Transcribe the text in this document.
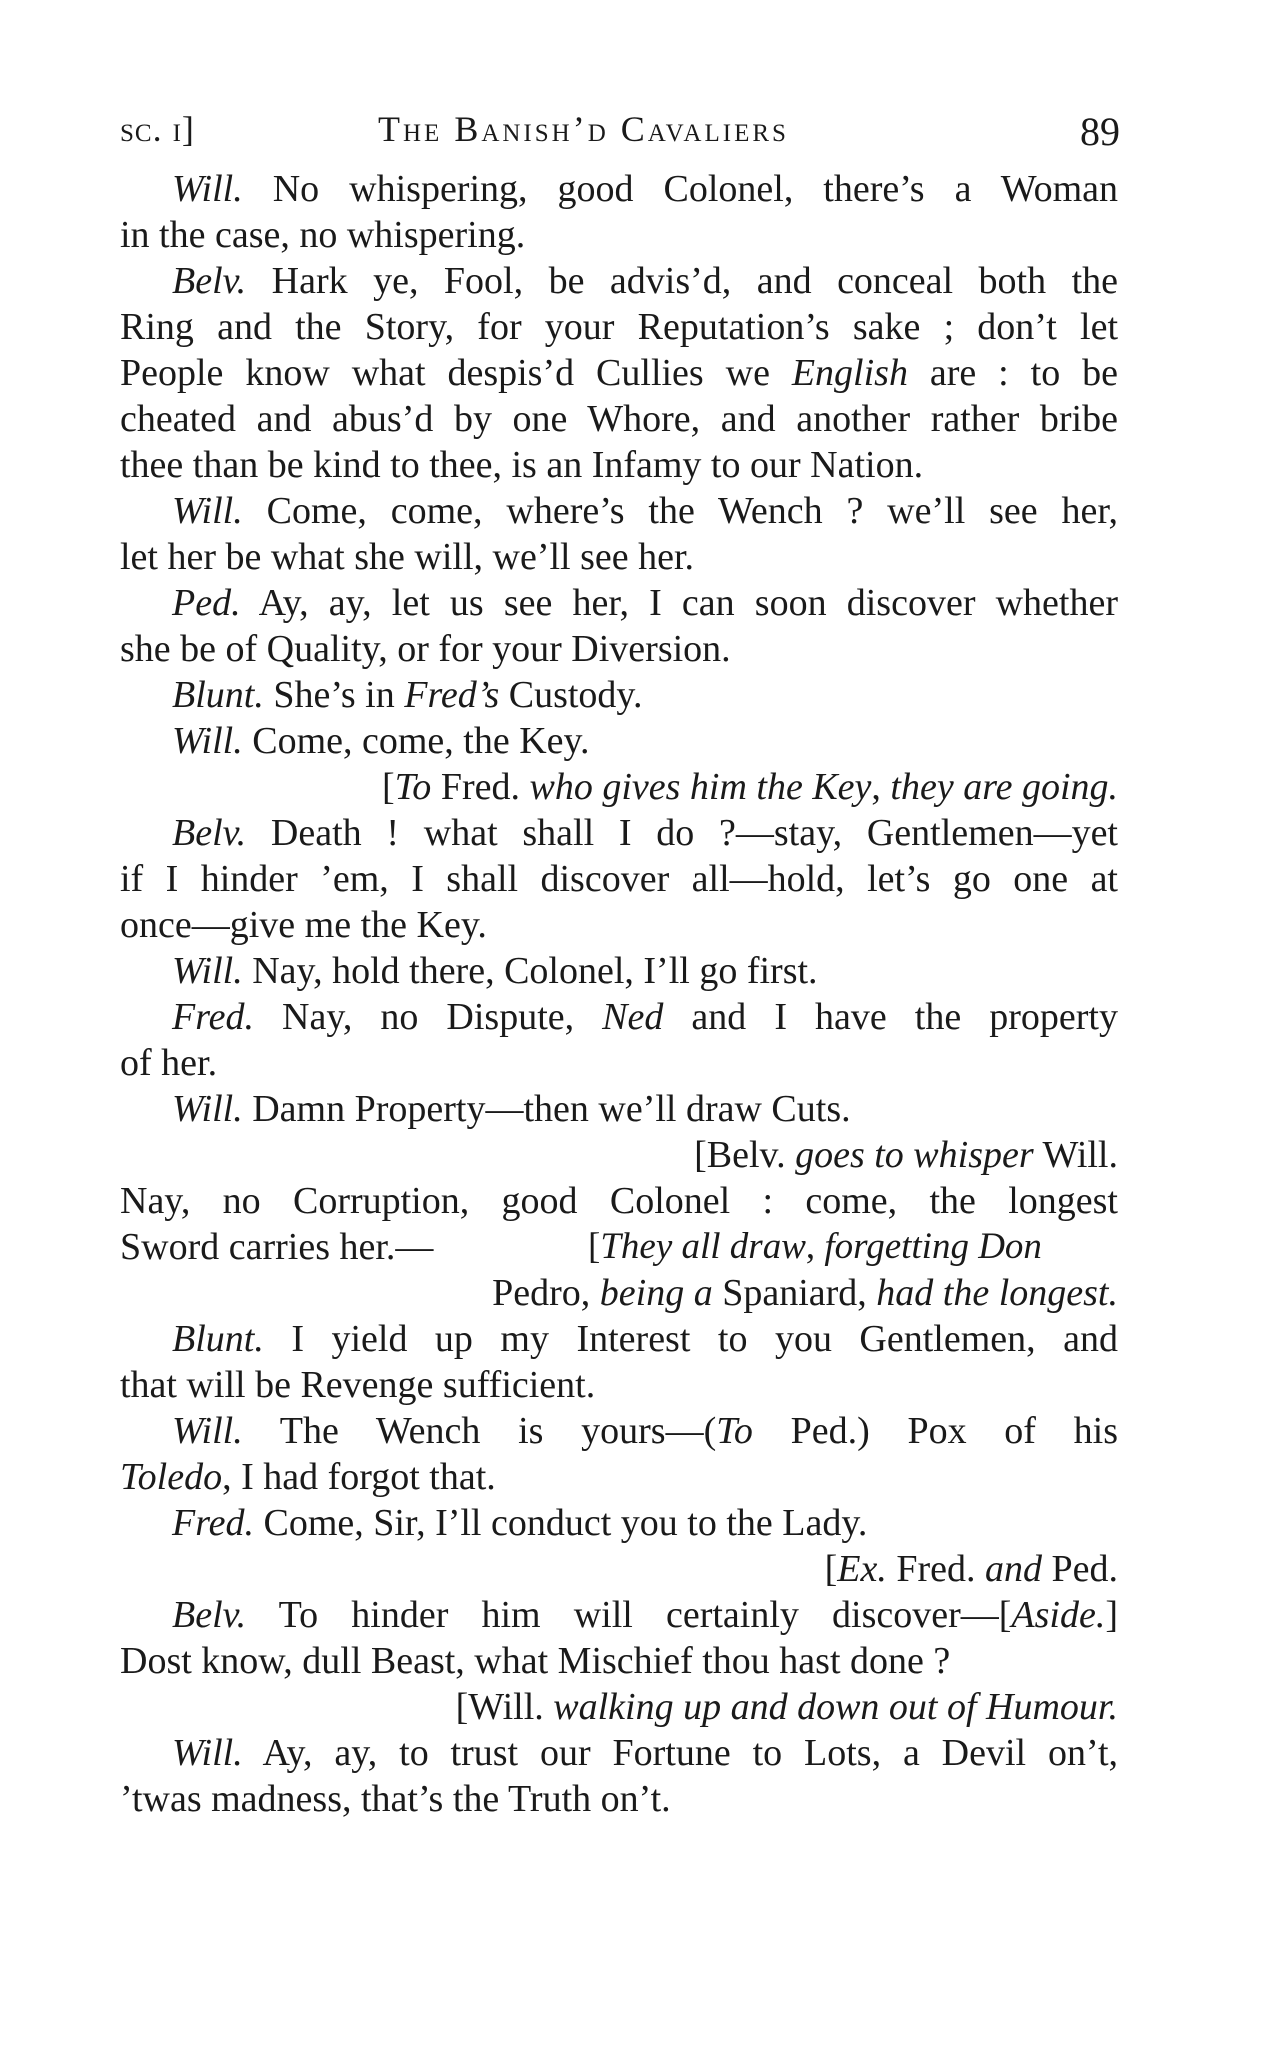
sc. i]	The Banish’d Cavaliers	89
Will. No whispering, good Colonel, there’s a Woman
in the case, no whispering.
Belv. Hark ye, Fool, be advis’d, and conceal both the
Ring and the Story, for your Reputation’s sake ; don’t let
People know what despis’d Cullies we English are : to be
cheated and abus’d by one Whore, and another rather bribe
thee than be kind to thee, is an Infamy to our Nation.
Will. Come, come, where’s the Wench ? we’ll see her,
let her be what she will, we’ll see her.
Ped. Ay, ay, let us see her, I can soon discover whether
she be of Quality, or for your Diversion.
Blunt. She’s in Fred’s Custody.
Will. Come, come, the Key.
[To Fred. who gives him the Key, they are going.
Belv. Death ! what shall I do ?—stay, Gentlemen—yet
if I hinder ’em, I shall discover all—hold, let’s go one at
once—give me the Key.
Will. Nay, hold there, Colonel, I’ll go first.
Fred. Nay, no Dispute, Ned and I have the property
of her.
Will. Damn Property—then we’ll draw Cuts.
[Belv. goes to whisper Will.
Nay, no Corruption, good Colonel : come, the longest
Sword carries her.—	[They all draw, forgetting Don
Pedro, being a Spaniard, had the longest.
Blunt. I yield up my Interest to you Gentlemen, and
that will be Revenge sufficient.
Will. The Wench is yours—(To Ped.) Pox of his
Toledo, I had forgot that.
Fred. Come, Sir, I’ll conduct you to the Lady.
[Ex. Fred. and Ped.
Belv. To hinder him will certainly discover—[Aside.]
Dost know, dull Beast, what Mischief thou hast done ?
[Will. walking up and down out of Humour.
Will. Ay, ay, to trust our Fortune to Lots, a Devil on’t,
’twas madness, that’s the Truth on’t.
